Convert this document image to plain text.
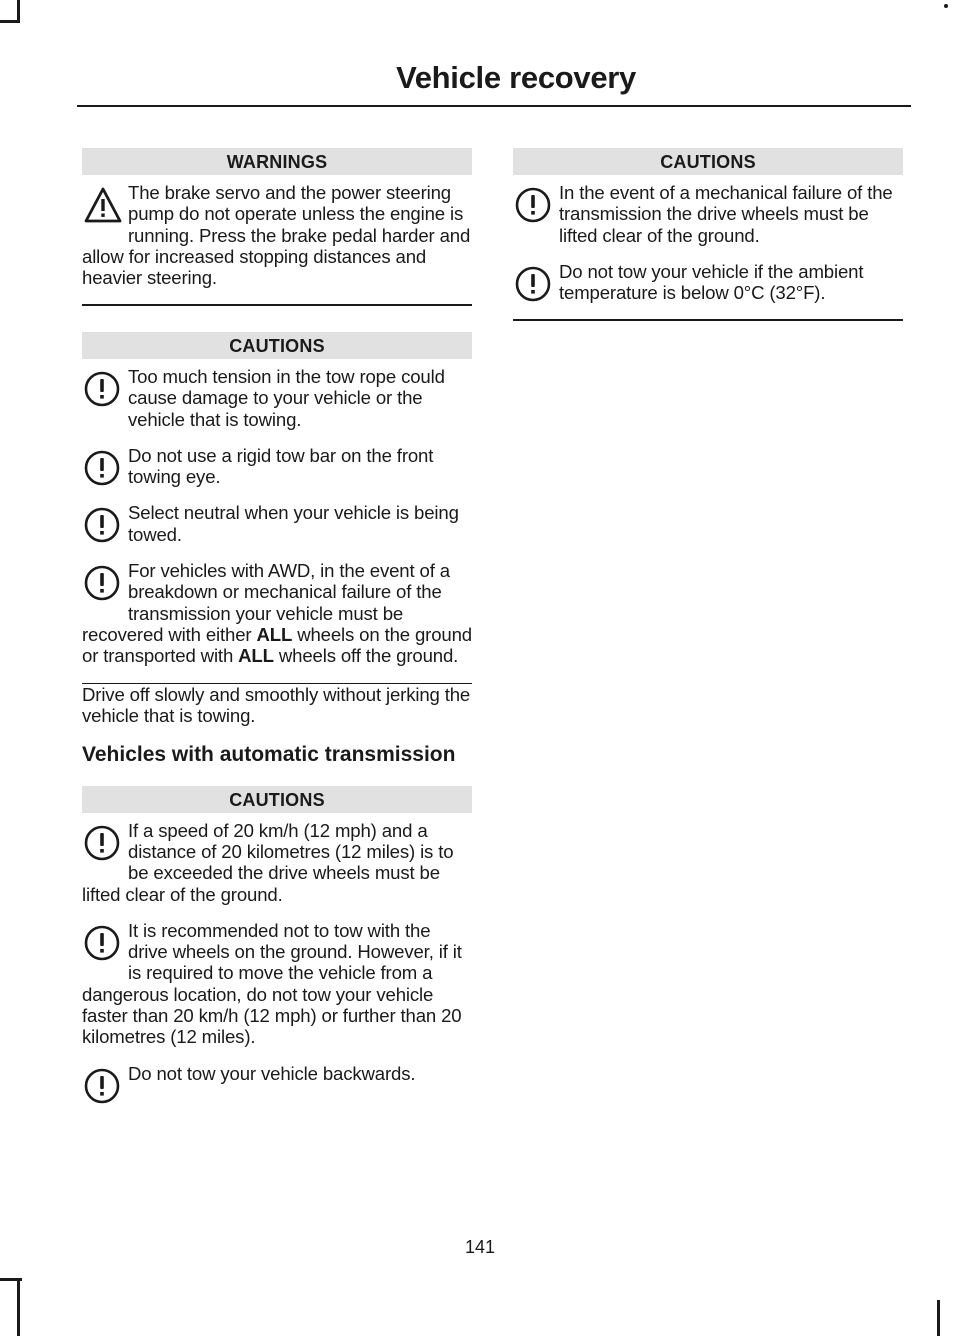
Vehicle recovery
WARNINGS
The brake servo and the power steering pump do not operate unless the engine is running. Press the brake pedal harder and allow for increased stopping distances and heavier steering.
CAUTIONS
Too much tension in the tow rope could cause damage to your vehicle or the vehicle that is towing.
Do not use a rigid tow bar on the front towing eye.
Select neutral when your vehicle is being towed.
For vehicles with AWD, in the event of a breakdown or mechanical failure of the transmission your vehicle must be recovered with either ALL wheels on the ground or transported with ALL wheels off the ground.
Drive off slowly and smoothly without jerking the vehicle that is towing.
Vehicles with automatic transmission
CAUTIONS
If a speed of 20 km/h (12 mph) and a distance of 20 kilometres (12 miles) is to be exceeded the drive wheels must be lifted clear of the ground.
It is recommended not to tow with the drive wheels on the ground. However, if it is required to move the vehicle from a dangerous location, do not tow your vehicle faster than 20 km/h (12 mph) or further than 20 kilometres (12 miles).
Do not tow your vehicle backwards.
CAUTIONS
In the event of a mechanical failure of the transmission the drive wheels must be lifted clear of the ground.
Do not tow your vehicle if the ambient temperature is below 0°C (32°F).
141
